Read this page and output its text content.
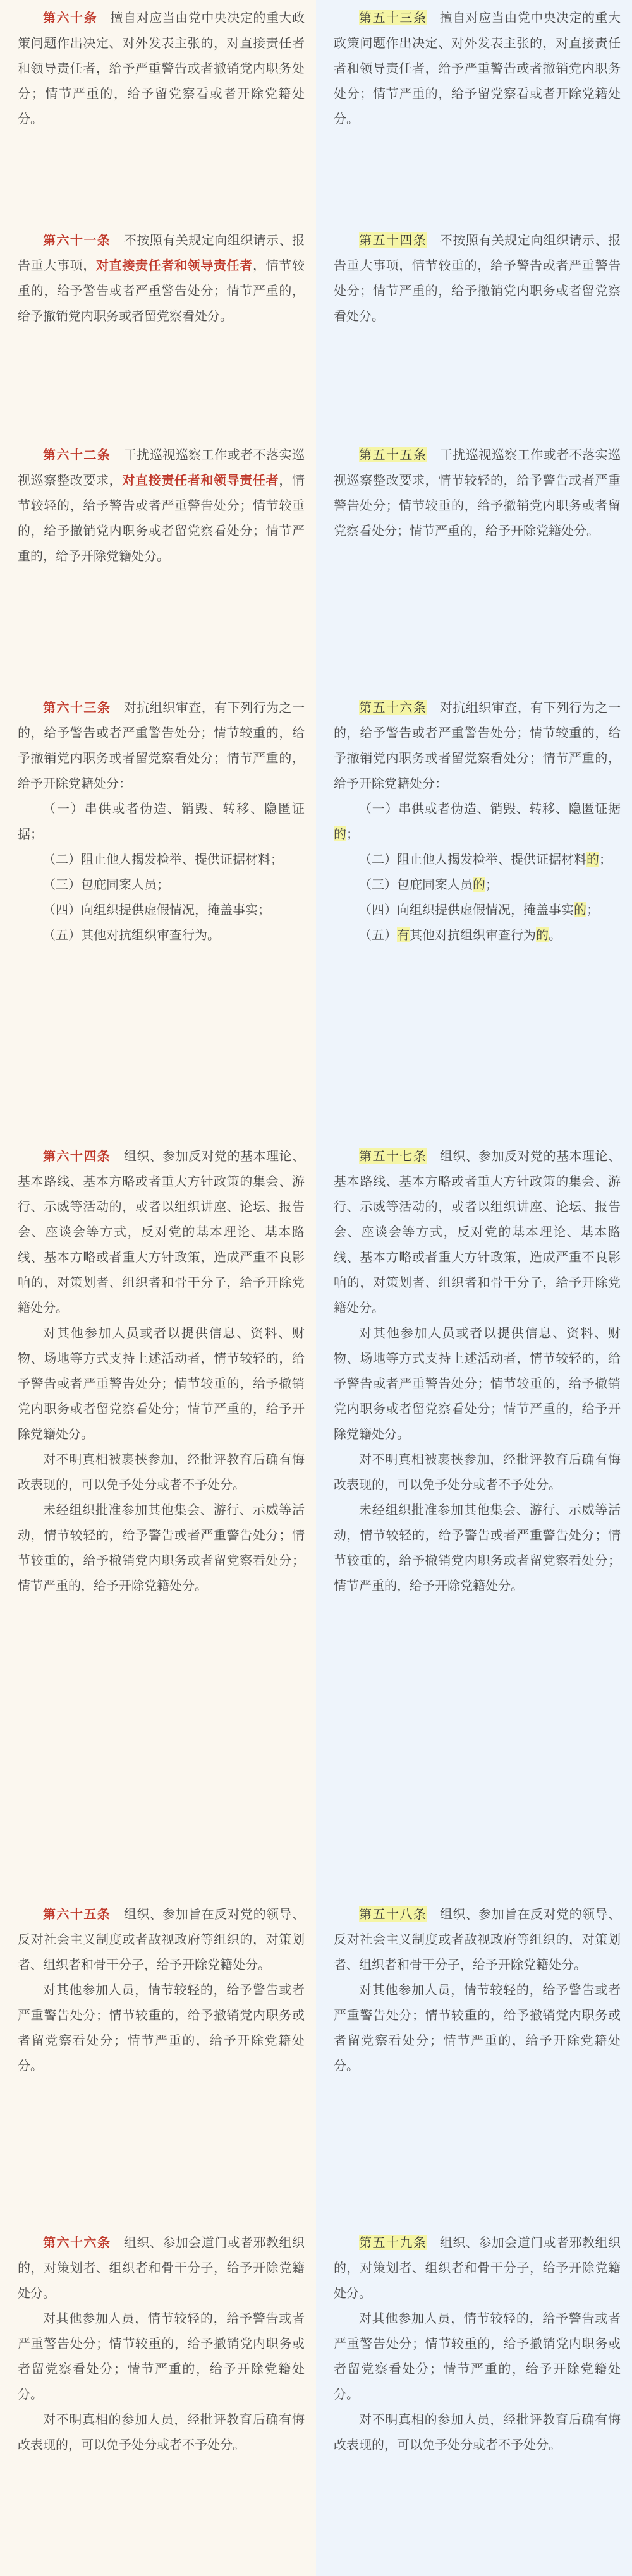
第六十条  擅自对应当由党中央决定的重大政策问题作出决定、对外发表主张的，对直接责任者和领导责任者，给予严重警告或者撤销党内职务处分；情节严重的，给予留党察看或者开除党籍处分。

第六十一条  不按照有关规定向组织请示、报告重大事项，对直接责任者和领导责任者，情节较重的，给予警告或者严重警告处分；情节严重的，给予撤销党内职务或者留党察看处分。

第六十二条  干扰巡视巡察工作或者不落实巡视巡察整改要求，对直接责任者和领导责任者，情节较轻的，给予警告或者严重警告处分；情节较重的，给予撤销党内职务或者留党察看处分；情节严重的，给予开除党籍处分。

第六十三条  对抗组织审查，有下列行为之一的，给予警告或者严重警告处分；情节较重的，给予撤销党内职务或者留党察看处分；情节严重的，给予开除党籍处分：

（一）串供或者伪造、销毁、转移、隐匿证据；

（二）阻止他人揭发检举、提供证据材料；

（三）包庇同案人员；

（四）向组织提供虚假情况，掩盖事实；

（五）其他对抗组织审查行为。

第六十四条  组织、参加反对党的基本理论、基本路线、基本方略或者重大方针政策的集会、游行、示威等活动的，或者以组织讲座、论坛、报告会、座谈会等方式，反对党的基本理论、基本路线、基本方略或者重大方针政策，造成严重不良影响的，对策划者、组织者和骨干分子，给予开除党籍处分。

对其他参加人员或者以提供信息、资料、财物、场地等方式支持上述活动者，情节较轻的，给予警告或者严重警告处分；情节较重的，给予撤销党内职务或者留党察看处分；情节严重的，给予开除党籍处分。

对不明真相被裹挟参加，经批评教育后确有悔改表现的，可以免予处分或者不予处分。

未经组织批准参加其他集会、游行、示威等活动，情节较轻的，给予警告或者严重警告处分；情节较重的，给予撤销党内职务或者留党察看处分；情节严重的，给予开除党籍处分。

第六十五条  组织、参加旨在反对党的领导、反对社会主义制度或者敌视政府等组织的，对策划者、组织者和骨干分子，给予开除党籍处分。

对其他参加人员，情节较轻的，给予警告或者严重警告处分；情节较重的，给予撤销党内职务或者留党察看处分；情节严重的，给予开除党籍处分。

第六十六条  组织、参加会道门或者邪教组织的，对策划者、组织者和骨干分子，给予开除党籍处分。

对其他参加人员，情节较轻的，给予警告或者严重警告处分；情节较重的，给予撤销党内职务或者留党察看处分；情节严重的，给予开除党籍处分。

对不明真相的参加人员，经批评教育后确有悔改表现的，可以免予处分或者不予处分。

第五十三条  擅自对应当由党中央决定的重大政策问题作出决定、对外发表主张的，对直接责任者和领导责任者，给予严重警告或者撤销党内职务处分；情节严重的，给予留党察看或者开除党籍处分。

第五十四条  不按照有关规定向组织请示、报告重大事项，情节较重的，给予警告或者严重警告处分；情节严重的，给予撤销党内职务或者留党察看处分。

第五十五条  干扰巡视巡察工作或者不落实巡视巡察整改要求，情节较轻的，给予警告或者严重警告处分；情节较重的，给予撤销党内职务或者留党察看处分；情节严重的，给予开除党籍处分。

第五十六条  对抗组织审查，有下列行为之一的，给予警告或者严重警告处分；情节较重的，给予撤销党内职务或者留党察看处分；情节严重的，给予开除党籍处分：

（一）串供或者伪造、销毁、转移、隐匿证据的；

（二）阻止他人揭发检举、提供证据材料的；

（三）包庇同案人员的；

（四）向组织提供虚假情况，掩盖事实的；

（五）有其他对抗组织审查行为的。

第五十七条  组织、参加反对党的基本理论、基本路线、基本方略或者重大方针政策的集会、游行、示威等活动的，或者以组织讲座、论坛、报告会、座谈会等方式，反对党的基本理论、基本路线、基本方略或者重大方针政策，造成严重不良影响的，对策划者、组织者和骨干分子，给予开除党籍处分。

对其他参加人员或者以提供信息、资料、财物、场地等方式支持上述活动者，情节较轻的，给予警告或者严重警告处分；情节较重的，给予撤销党内职务或者留党察看处分；情节严重的，给予开除党籍处分。

对不明真相被裹挟参加，经批评教育后确有悔改表现的，可以免予处分或者不予处分。

未经组织批准参加其他集会、游行、示威等活动，情节较轻的，给予警告或者严重警告处分；情节较重的，给予撤销党内职务或者留党察看处分；情节严重的，给予开除党籍处分。

第五十八条  组织、参加旨在反对党的领导、反对社会主义制度或者敌视政府等组织的，对策划者、组织者和骨干分子，给予开除党籍处分。

对其他参加人员，情节较轻的，给予警告或者严重警告处分；情节较重的，给予撤销党内职务或者留党察看处分；情节严重的，给予开除党籍处分。

第五十九条  组织、参加会道门或者邪教组织的，对策划者、组织者和骨干分子，给予开除党籍处分。

对其他参加人员，情节较轻的，给予警告或者严重警告处分；情节较重的，给予撤销党内职务或者留党察看处分；情节严重的，给予开除党籍处分。

对不明真相的参加人员，经批评教育后确有悔改表现的，可以免予处分或者不予处分。
